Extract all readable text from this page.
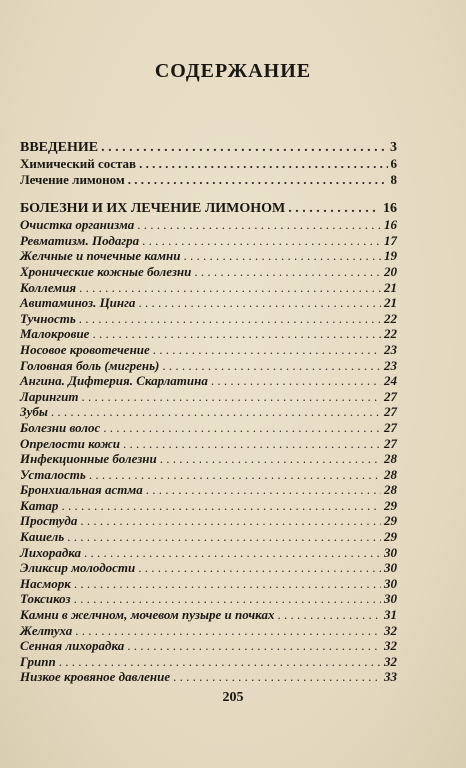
СОДЕРЖАНИЕ
ВВЕДЕНИЕ . . .	3
Химический состав . . .	6
Лечение лимоном . . .	8
БОЛЕЗНИ И ИХ ЛЕЧЕНИЕ ЛИМОНОМ . . .	16
Очистка организма . . .	16
Ревматизм. Подагра . . .	17
Желчные и почечные камни . . .	19
Хронические кожные болезни . . .	20
Коллемия . . .	21
Авитаминоз. Цинга . . .	21
Тучность . . .	22
Малокровие . . .	22
Носовое кровотечение . . .	23
Головная боль (мигрень) . . .	23
Ангина. Дифтерия. Скарлатина . . .	24
Ларингит . . .	27
Зубы . . .	27
Болезни волос . . .	27
Опрелости кожи . . .	27
Инфекционные болезни . . .	28
Усталость . . .	28
Бронхиальная астма . . .	28
Катар . . .	29
Простуда . . .	29
Кашель . . .	29
Лихорадка . . .	30
Эликсир молодости . . .	30
Насморк . . .	30
Токсикоз . . .	30
Камни в желчном, мочевом пузыре и почках . . .	31
Желтуха . . .	32
Сенная лихорадка . . .	32
Грипп . . .	32
Низкое кровяное давление . . .	33
205
